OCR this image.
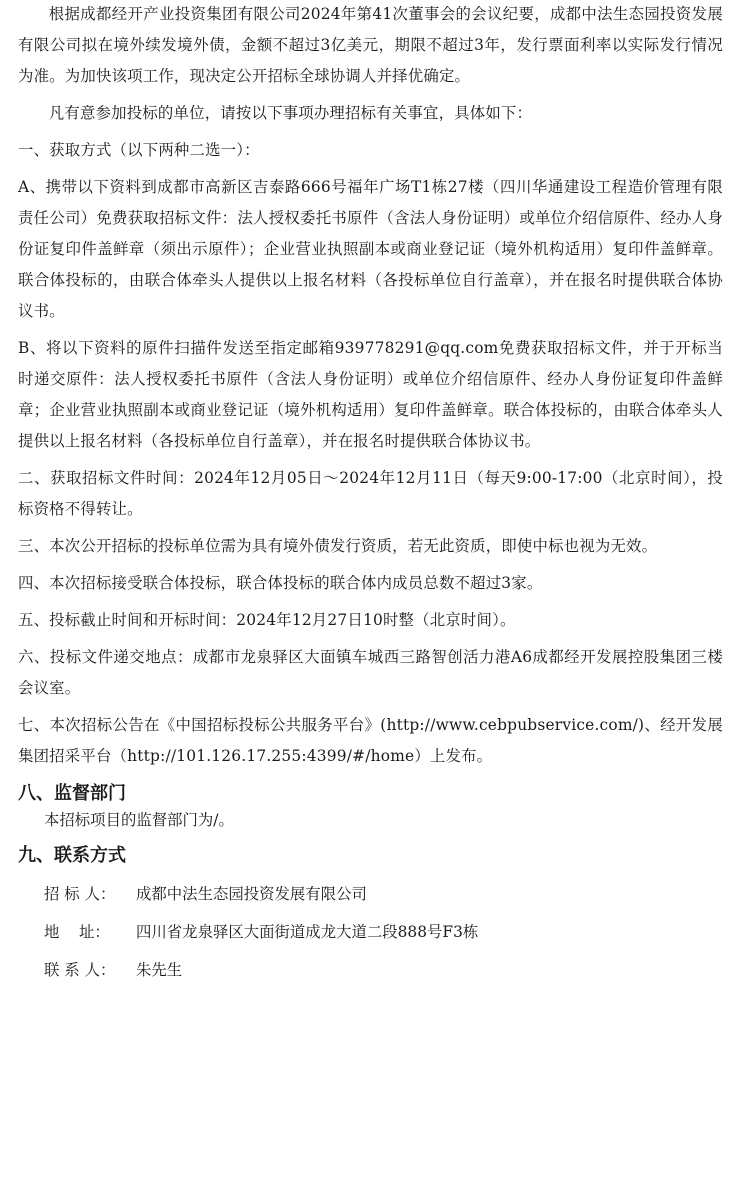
根据成都经开产业投资集团有限公司2024年第41次董事会的会议纪要，成都中法生态园投资发展有限公司拟在境外续发境外债，金额不超过3亿美元，期限不超过3年，发行票面利率以实际发行情况为准。为加快该项工作，现决定公开招标全球协调人并择优确定。

凡有意参加投标的单位，请按以下事项办理招标有关事宜，具体如下：

一、获取方式（以下两种二选一）：

A、携带以下资料到成都市高新区吉泰路666号福年广场T1栋27楼（四川华通建设工程造价管理有限责任公司）免费获取招标文件：法人授权委托书原件（含法人身份证明）或单位介绍信原件、经办人身份证复印件盖鲜章（须出示原件）；企业营业执照副本或商业登记证（境外机构适用）复印件盖鲜章。联合体投标的，由联合体牵头人提供以上报名材料（各投标单位自行盖章），并在报名时提供联合体协议书。

B、将以下资料的原件扫描件发送至指定邮箱939778291@qq.com免费获取招标文件，并于开标当时递交原件：法人授权委托书原件（含法人身份证明）或单位介绍信原件、经办人身份证复印件盖鲜章；企业营业执照副本或商业登记证（境外机构适用）复印件盖鲜章。联合体投标的，由联合体牵头人提供以上报名材料（各投标单位自行盖章），并在报名时提供联合体协议书。

二、获取招标文件时间：2024年12月05日～2024年12月11日（每天9:00-17:00（北京时间），投标资格不得转让。

三、本次公开招标的投标单位需为具有境外债发行资质，若无此资质，即使中标也视为无效。

四、本次招标接受联合体投标，联合体投标的联合体内成员总数不超过3家。

五、投标截止时间和开标时间：2024年12月27日10时整（北京时间）。

六、投标文件递交地点：成都市龙泉驿区大面镇车城西三路智创活力港A6成都经开发展控股集团三楼会议室。

七、本次招标公告在《中国招标投标公共服务平台》(http://www.cebpubservice.com/)、经开发展集团招采平台（http://101.126.17.255:4399/#/home）上发布。

八、监督部门

本招标项目的监督部门为/。

九、联系方式
招 标 人：	成都中法生态园投资发展有限公司
地    址：	四川省龙泉驿区大面街道成龙大道二段888号F3栋
联 系 人：	朱先生
